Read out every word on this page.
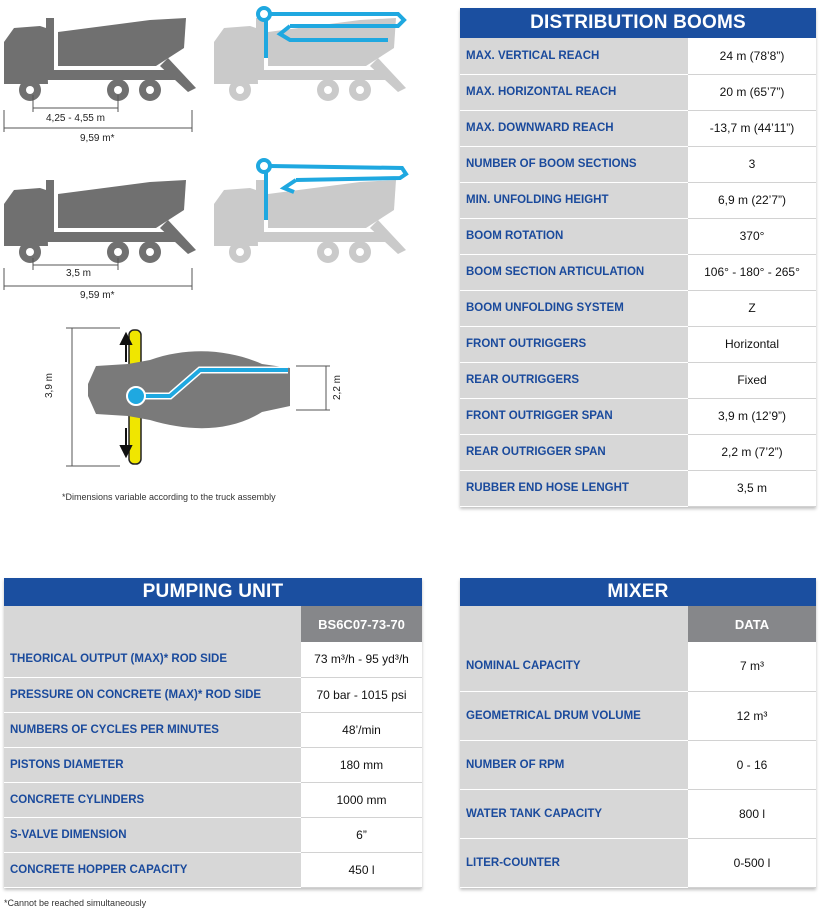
4,25 - 4,55 m
9,59 m*
3,5 m
9,59 m*
3,9 m	2,2 m
*Dimensions variable according to the truck assembly
DISTRIBUTION BOOMS	
MAX. VERTICAL REACH	24 m (78’8”)
MAX. HORIZONTAL REACH	20 m (65’7”)
MAX. DOWNWARD REACH	-13,7 m (44’11”)
NUMBER OF BOOM SECTIONS	3
MIN. UNFOLDING HEIGHT	6,9 m (22’7”)
BOOM ROTATION	370°
BOOM SECTION ARTICULATION	106° - 180° - 265°
BOOM UNFOLDING SYSTEM	Z
FRONT OUTRIGGERS	Horizontal
REAR OUTRIGGERS	Fixed
FRONT OUTRIGGER SPAN	3,9 m (12’9”)
REAR OUTRIGGER SPAN	2,2 m (7’2”)
RUBBER END HOSE LENGHT	3,5 m
PUMPING UNIT	
	BS6C07-73-70
THEORICAL OUTPUT (MAX)* ROD SIDE	73 m³/h - 95 yd³/h
PRESSURE ON CONCRETE (MAX)* ROD SIDE	70 bar - 1015 psi
NUMBERS OF CYCLES PER MINUTES	48’/min
PISTONS DIAMETER	180 mm
CONCRETE CYLINDERS	1000 mm
S-VALVE DIMENSION	6”
CONCRETE HOPPER CAPACITY	450 l
*Cannot be reached simultaneously
MIXER	
	DATA
NOMINAL CAPACITY	7 m³
GEOMETRICAL DRUM VOLUME	12 m³
NUMBER OF RPM	0 - 16
WATER TANK CAPACITY	800 l
LITER-COUNTER	0-500 l
